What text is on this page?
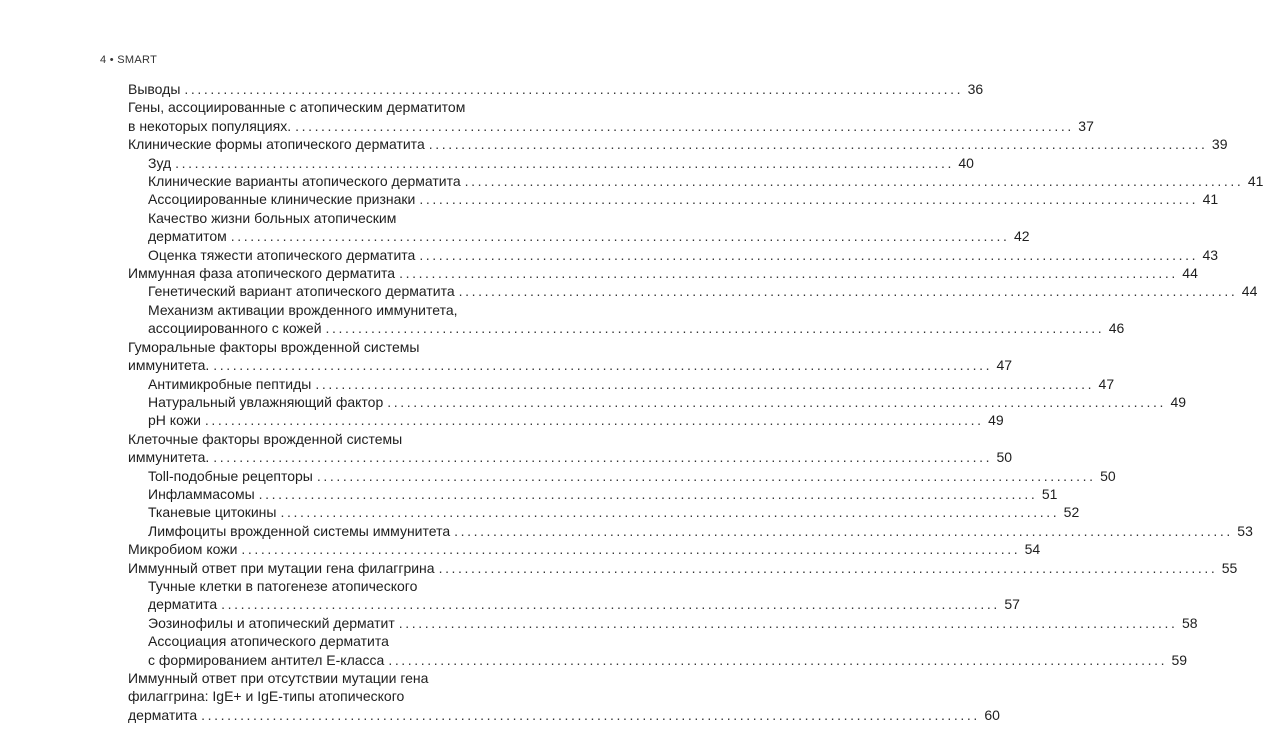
4 • SMART
Выводы ........................................................................................................................ 36
Гены, ассоциированные с атопическим дерматитом
в некоторых популяциях. ........................................................................................................................ 37
Клинические формы атопического дерматита ........................................................................................................................ 39
Зуд ........................................................................................................................ 40
Клинические варианты атопического дерматита ........................................................................................................................ 41
Ассоциированные клинические признаки ........................................................................................................................ 41
Качество жизни больных атопическим
дерматитом ........................................................................................................................ 42
Оценка тяжести атопического дерматита ........................................................................................................................ 43
Иммунная фаза атопического дерматита ........................................................................................................................ 44
Генетический вариант атопического дерматита ........................................................................................................................ 44
Механизм активации врожденного иммунитета,
ассоциированного с кожей ........................................................................................................................ 46
Гуморальные факторы врожденной системы
иммунитета. ........................................................................................................................ 47
Антимикробные пептиды ........................................................................................................................ 47
Натуральный увлажняющий фактор ........................................................................................................................ 49
pH кожи ........................................................................................................................ 49
Клеточные факторы врожденной системы
иммунитета. ........................................................................................................................ 50
Toll-подобные рецепторы ........................................................................................................................ 50
Инфламмасомы ........................................................................................................................ 51
Тканевые цитокины ........................................................................................................................ 52
Лимфоциты врожденной системы иммунитета ........................................................................................................................ 53
Микробиом кожи ........................................................................................................................ 54
Иммунный ответ при мутации гена филаггрина ........................................................................................................................ 55
Тучные клетки в патогенезе атопического
дерматита ........................................................................................................................ 57
Эозинофилы и атопический дерматит ........................................................................................................................ 58
Ассоциация атопического дерматита
с формированием антител E-класса ........................................................................................................................ 59
Иммунный ответ при отсутствии мутации гена
филаггрина: IgE+ и IgE-типы атопического
дерматита ........................................................................................................................ 60
